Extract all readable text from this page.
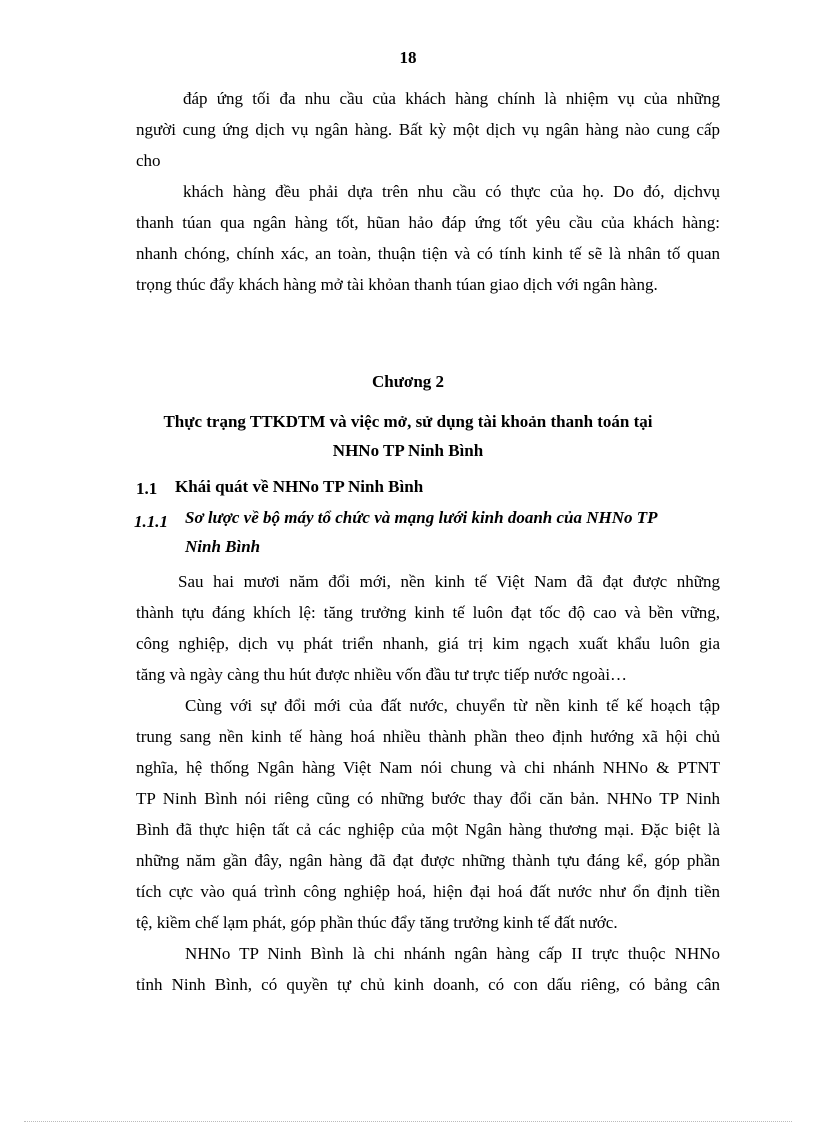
18
đáp ứng tối đa nhu cầu của khách hàng chính là nhiệm vụ của những
người cung ứng dịch vụ ngân hàng. Bất kỳ một dịch vụ ngân hàng nào cung cấp
cho
khách hàng đều phải dựa trên nhu cầu có thực của họ. Do đó, dịchvụ
thanh túan qua ngân hàng tốt, hũan hảo đáp ứng tốt yêu cầu của khách hàng:
nhanh chóng, chính xác, an toàn, thuận tiện và có tính kinh tế sẽ là nhân tố quan
trọng thúc đẩy khách hàng mở tài khỏan thanh túan giao dịch với ngân hàng.
Chương 2
Thực trạng TTKDTM và việc mở, sử dụng tài khoản thanh toán tại
NHNo TP Ninh Bình
1.1 Khái quát về NHNo TP Ninh Bình
1.1.1 Sơ lược về bộ máy tổ chức và mạng lưới kinh doanh của NHNo TP
Ninh Bình
Sau hai mươi năm đổi mới, nền kinh tế Việt Nam đã đạt được những
thành tựu đáng khích lệ: tăng trưởng kinh tế luôn đạt tốc độ cao và bền vững,
công nghiệp, dịch vụ phát triển nhanh, giá trị kim ngạch xuất khẩu luôn gia
tăng và ngày càng thu hút được nhiều vốn đầu tư trực tiếp nước ngoài…
Cùng với sự đổi mới của đất nước, chuyển từ nền kinh tế kế hoạch tập
trung sang nền kinh tế hàng hoá nhiều thành phần theo định hướng xã hội chủ
nghĩa, hệ thống Ngân hàng Việt Nam nói chung và chi nhánh NHNo & PTNT
TP Ninh Bình nói riêng cũng có những bước thay đổi căn bản. NHNo TP Ninh
Bình đã thực hiện tất cả các nghiệp của một Ngân hàng thương mại. Đặc biệt là
những năm gần đây, ngân hàng đã đạt được những thành tựu đáng kể, góp phần
tích cực vào quá trình công nghiệp hoá, hiện đại hoá đất nước như ổn định tiền
tệ, kiềm chế lạm phát, góp phần thúc đẩy tăng trưởng kinh tế đất nước.
NHNo TP Ninh Bình là chi nhánh ngân hàng cấp II trực thuộc NHNo
tỉnh Ninh Bình, có quyền tự chủ kinh doanh, có con dấu riêng, có bảng cân
